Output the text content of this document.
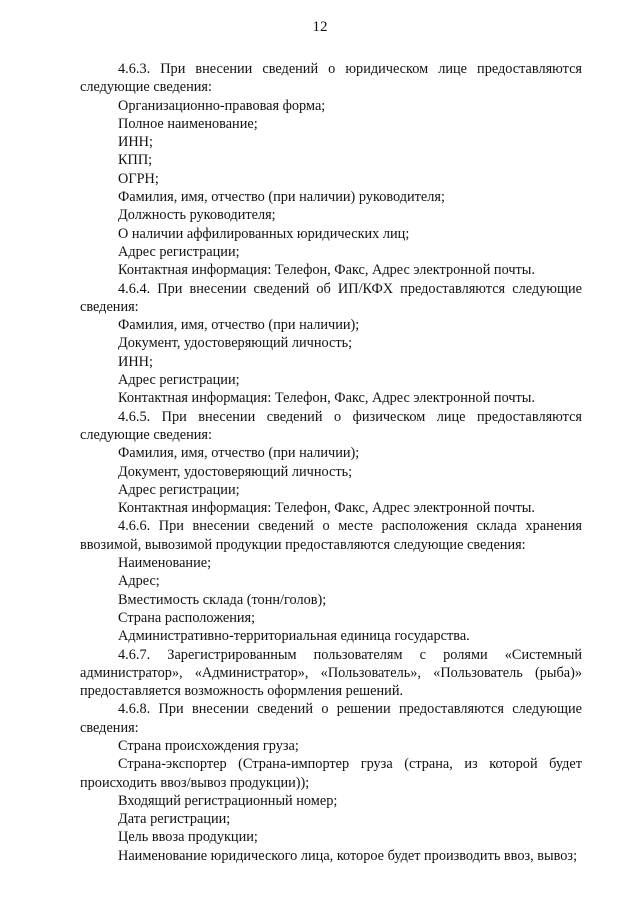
12

4.6.3. При внесении сведений о юридическом лице предоставляются следующие сведения:

Организационно-правовая форма;

Полное наименование;

ИНН;

КПП;

ОГРН;

Фамилия, имя, отчество (при наличии) руководителя;

Должность руководителя;

О наличии аффилированных юридических лиц;

Адрес регистрации;

Контактная информация: Телефон, Факс, Адрес электронной почты.

4.6.4. При внесении сведений об ИП/КФХ предоставляются следующие сведения:

Фамилия, имя, отчество (при наличии);

Документ, удостоверяющий личность;

ИНН;

Адрес регистрации;

Контактная информация: Телефон, Факс, Адрес электронной почты.

4.6.5. При внесении сведений о физическом лице предоставляются следующие сведения:

Фамилия, имя, отчество (при наличии);

Документ, удостоверяющий личность;

Адрес регистрации;

Контактная информация: Телефон, Факс, Адрес электронной почты.

4.6.6. При внесении сведений о месте расположения склада хранения ввозимой, вывозимой продукции предоставляются следующие сведения:

Наименование;

Адрес;

Вместимость склада (тонн/голов);

Страна расположения;

Административно-территориальная единица государства.

4.6.7. Зарегистрированным пользователям с ролями «Системный администратор», «Администратор», «Пользователь», «Пользователь (рыба)» предоставляется возможность оформления решений.

4.6.8. При внесении сведений о решении предоставляются следующие сведения:

Страна происхождения груза;

Страна-экспортер (Страна-импортер груза (страна, из которой будет происходить ввоз/вывоз продукции));

Входящий регистрационный номер;

Дата регистрации;

Цель ввоза продукции;

Наименование юридического лица, которое будет производить ввоз, вывоз;
